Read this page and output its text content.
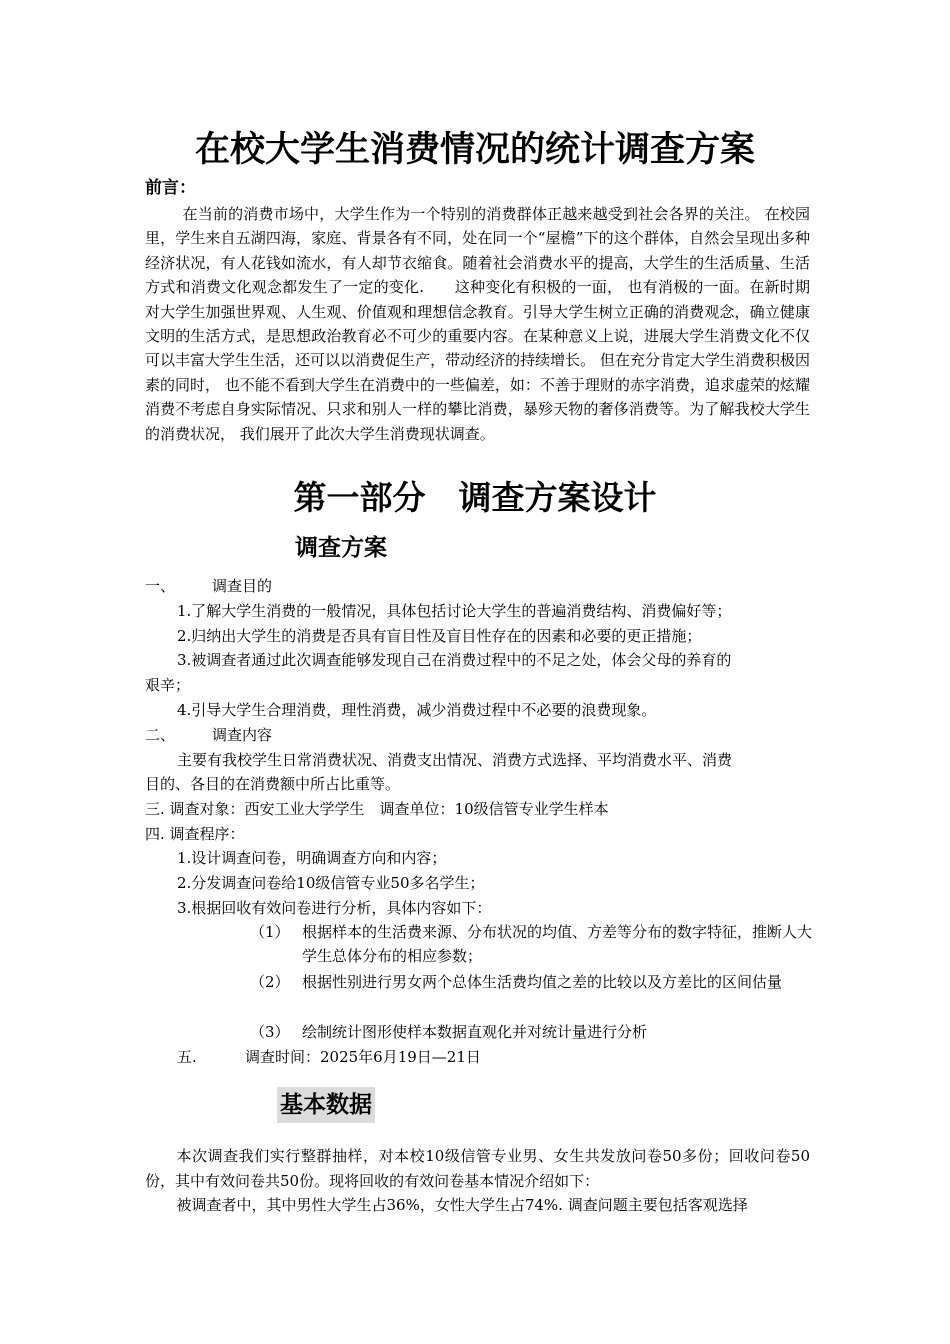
在校大学生消费情况的统计调查方案
前言：

在当前的消费市场中，大学生作为一个特别的消费群体正越来越受到社会各界的关注。 在校园里，学生来自五湖四海，家庭、背景各有不同，处在同一个“屋檐”下的这个群体，自然会呈现出多种经济状况，有人花钱如流水，有人却节衣缩食。随着社会消费水平的提高，大学生的生活质量、生活方式和消费文化观念都发生了一定的变化.　　这种变化有积极的一面， 也有消极的一面。在新时期对大学生加强世界观、人生观、价值观和理想信念教育。引导大学生树立正确的消费观念，确立健康文明的生活方式，是思想政治教育必不可少的重要内容。在某种意义上说，进展大学生消费文化不仅可以丰富大学生生活，还可以以消费促生产，带动经济的持续增长。 但在充分肯定大学生消费积极因素的同时， 也不能不看到大学生在消费中的一些偏差，如：不善于理财的赤字消费，追求虚荣的炫耀消费不考虑自身实际情况、只求和别人一样的攀比消费，暴殄天物的奢侈消费等。为了解我校大学生的消费状况， 我们展开了此次大学生消费现状调查。

第一部分　调查方案设计
调查方案
一、 调查目的
1.了解大学生消费的一般情况，具体包括讨论大学生的普遍消费结构、消费偏好等；
2.归纳出大学生的消费是否具有盲目性及盲目性存在的因素和必要的更正措施；
3.被调查者通过此次调查能够发现自己在消费过程中的不足之处，体会父母的养育的
艰辛；
4.引导大学生合理消费，理性消费，减少消费过程中不必要的浪费现象。
二、 调查内容
主要有我校学生日常消费状况、消费支出情况、消费方式选择、平均消费水平、消费
目的、各目的在消费额中所占比重等。
三. 调查对象：西安工业大学学生　调查单位：10级信管专业学生样本
四. 调查程序：
1.设计调查问卷，明确调查方向和内容；
2.分发调查问卷给10级信管专业50多名学生；
3.根据回收有效问卷进行分析，具体内容如下：
（1） 根据样本的生活费来源、分布状况的均值、方差等分布的数字特征，推断人大学生总体分布的相应参数；
（2） 根据性别进行男女两个总体生活费均值之差的比较以及方差比的区间估量
（3） 绘制统计图形使样本数据直观化并对统计量进行分析
五.	调查时间：2025年6月19日—21日
基本数据
本次调查我们实行整群抽样，对本校10级信管专业男、女生共发放问卷50多份；回收问卷50份，其中有效问卷共50份。现将回收的有效问卷基本情况介绍如下：
被调查者中，其中男性大学生占36%，女性大学生占74%. 调查问题主要包括客观选择
